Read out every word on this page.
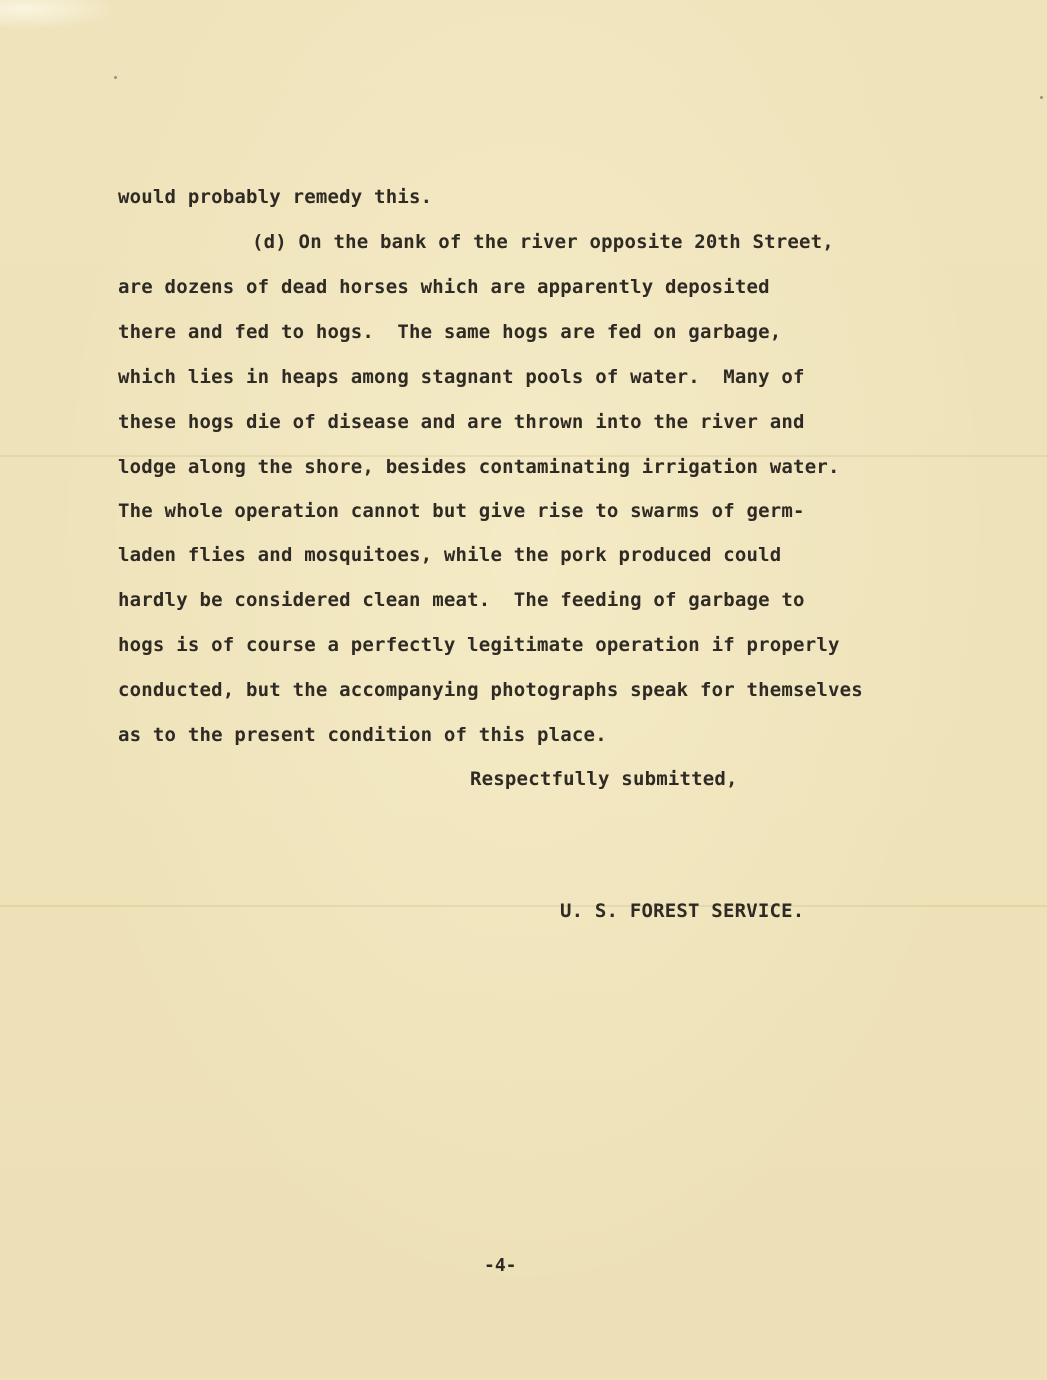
would probably remedy this.

(d) On the bank of the river opposite 20th Street,

are dozens of dead horses which are apparently deposited

there and fed to hogs.  The same hogs are fed on garbage,

which lies in heaps among stagnant pools of water.  Many of

these hogs die of disease and are thrown into the river and

lodge along the shore, besides contaminating irrigation water.

The whole operation cannot but give rise to swarms of germ-

laden flies and mosquitoes, while the pork produced could

hardly be considered clean meat.  The feeding of garbage to

hogs is of course a perfectly legitimate operation if properly

conducted, but the accompanying photographs speak for themselves

as to the present condition of this place.

Respectfully submitted,

U. S. FOREST SERVICE.

-4-
